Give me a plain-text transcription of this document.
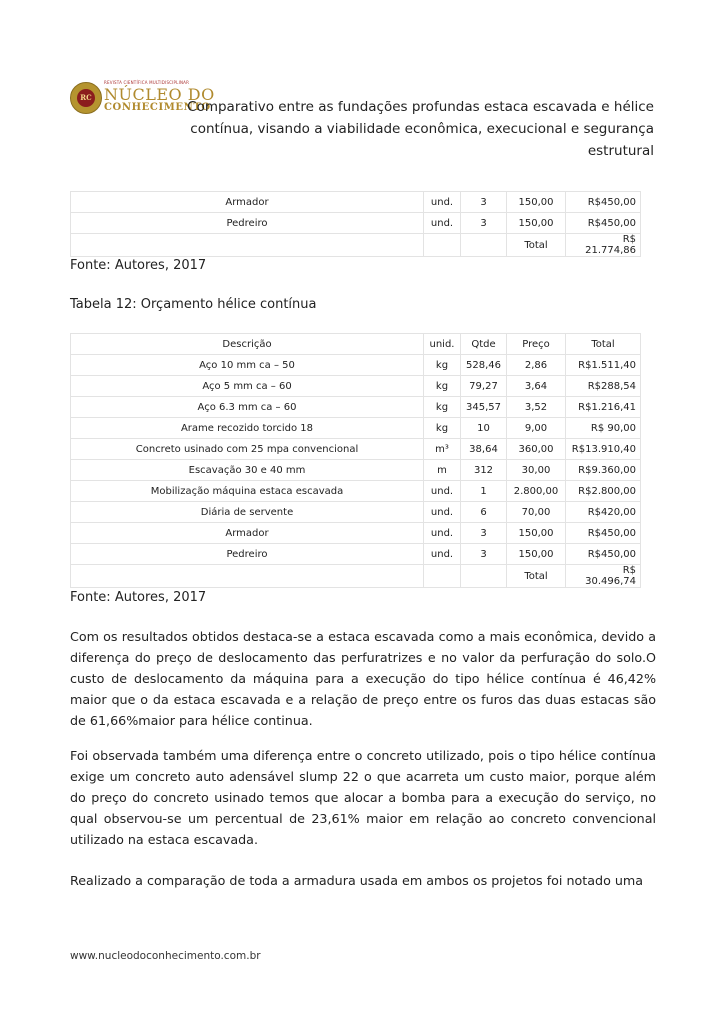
RC
REVISTA CIENTÍFICA MULTIDISCIPLINAR
NÚCLEO DO
CONHECIMENTO
Comparativo entre as fundações profundas estaca escavada e hélice contínua, visando a viabilidade econômica, execucional e segurança estrutural
Armador	und.	3	150,00	R$450,00
Pedreiro	und.	3	150,00	R$450,00
			Total	R$ 21.774,86
Fonte: Autores, 2017
Tabela 12: Orçamento hélice contínua
Descrição	unid.	Qtde	Preço	Total
Aço 10 mm ca – 50	kg	528,46	2,86	R$1.511,40
Aço 5 mm ca – 60	kg	79,27	3,64	R$288,54
Aço 6.3 mm ca – 60	kg	345,57	3,52	R$1.216,41
Arame recozido torcido 18	kg	10	9,00	R$ 90,00
Concreto usinado com 25 mpa convencional	m³	38,64	360,00	R$13.910,40
Escavação 30 e 40 mm	m	312	30,00	R$9.360,00
Mobilização máquina estaca escavada	und.	1	2.800,00	R$2.800,00
Diária de servente	und.	6	70,00	R$420,00
Armador	und.	3	150,00	R$450,00
Pedreiro	und.	3	150,00	R$450,00
			Total	R$ 30.496,74
Fonte: Autores, 2017
Com os resultados obtidos destaca-se a estaca escavada como a mais econômica, devido a diferença do preço de deslocamento das perfuratrizes e no valor da perfuração do solo.O custo de deslocamento da máquina para a execução do tipo hélice contínua é 46,42% maior que o da estaca escavada e a relação de preço entre os furos das duas estacas são de 61,66%maior para hélice continua.
Foi observada também uma diferença entre o concreto utilizado, pois o tipo hélice contínua exige um concreto auto adensável slump 22 o que acarreta um custo maior, porque além do preço do concreto usinado temos que alocar a bomba para a execução do serviço, no qual observou-se um percentual de 23,61% maior em relação ao concreto convencional utilizado na estaca escavada.
Realizado a comparação de toda a armadura usada em ambos os projetos foi notado uma
www.nucleodoconhecimento.com.br
